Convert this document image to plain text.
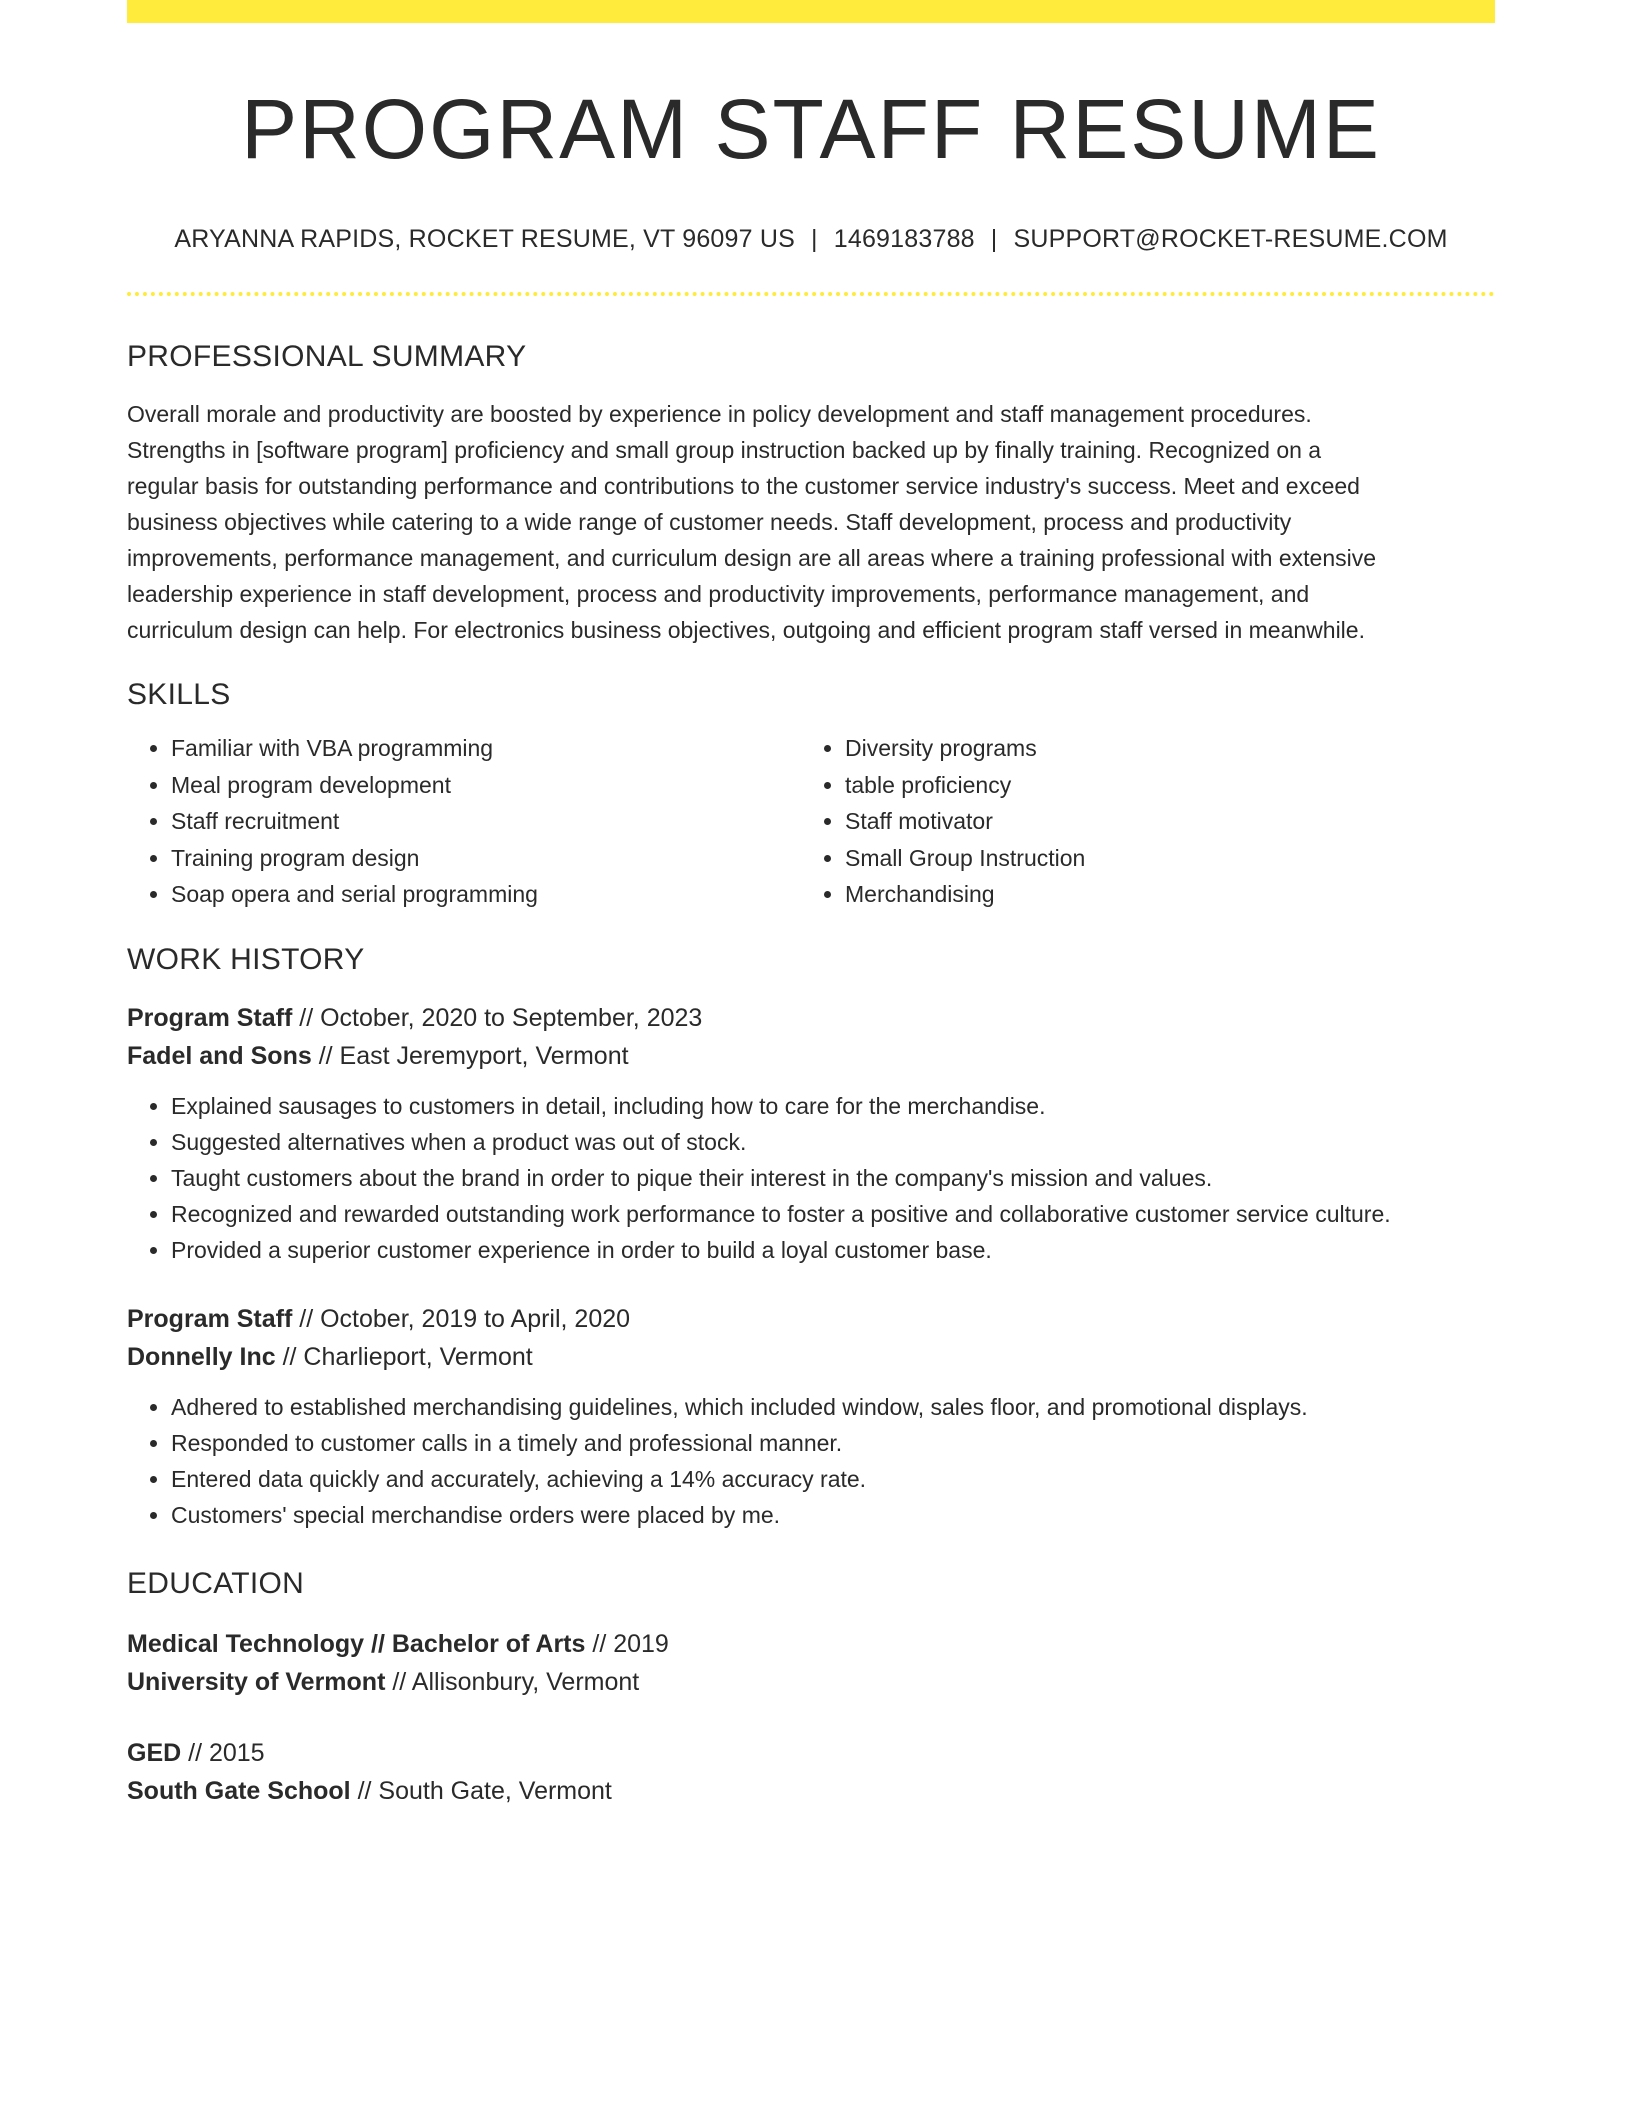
PROGRAM STAFF RESUME
ARYANNA RAPIDS, ROCKET RESUME, VT 96097 US | 1469183788 | SUPPORT@ROCKET-RESUME.COM
PROFESSIONAL SUMMARY
Overall morale and productivity are boosted by experience in policy development and staff management procedures.
Strengths in [software program] proficiency and small group instruction backed up by finally training. Recognized on a
regular basis for outstanding performance and contributions to the customer service industry's success. Meet and exceed
business objectives while catering to a wide range of customer needs. Staff development, process and productivity
improvements, performance management, and curriculum design are all areas where a training professional with extensive
leadership experience in staff development, process and productivity improvements, performance management, and
curriculum design can help. For electronics business objectives, outgoing and efficient program staff versed in meanwhile.
SKILLS
• Familiar with VBA programming
• Meal program development
• Staff recruitment
• Training program design
• Soap opera and serial programming
• Diversity programs
• table proficiency
• Staff motivator
• Small Group Instruction
• Merchandising
WORK HISTORY
Program Staff // October, 2020 to September, 2023
Fadel and Sons // East Jeremyport, Vermont
• Explained sausages to customers in detail, including how to care for the merchandise.
• Suggested alternatives when a product was out of stock.
• Taught customers about the brand in order to pique their interest in the company's mission and values.
• Recognized and rewarded outstanding work performance to foster a positive and collaborative customer service culture.
• Provided a superior customer experience in order to build a loyal customer base.
Program Staff // October, 2019 to April, 2020
Donnelly Inc // Charlieport, Vermont
• Adhered to established merchandising guidelines, which included window, sales floor, and promotional displays.
• Responded to customer calls in a timely and professional manner.
• Entered data quickly and accurately, achieving a 14% accuracy rate.
• Customers' special merchandise orders were placed by me.
EDUCATION
Medical Technology // Bachelor of Arts // 2019
University of Vermont // Allisonbury, Vermont
GED // 2015
South Gate School // South Gate, Vermont
